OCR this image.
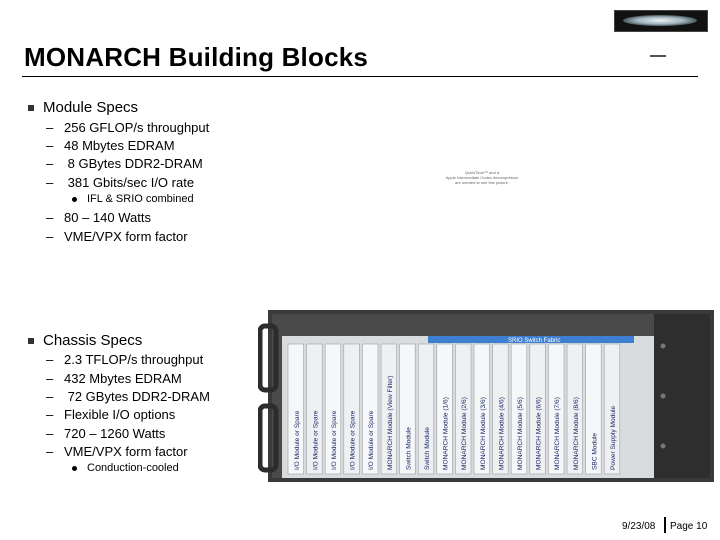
MONARCH Building Blocks
Module Specs
– 256 GFLOP/s throughput
– 48 Mbytes EDRAM
– 8 GBytes DDR2-DRAM
– 381 Gbits/sec I/O rate
IFL & SRIO combined
– 80 – 140 Watts
– VME/VPX form factor
QuickTime™ and a
Apple Intermediate Codec decompressor
are needed to see this picture.
Chassis Specs
– 2.3 TFLOP/s throughput
– 432 Mbytes EDRAM
– 72 GBytes DDR2-DRAM
– Flexible I/O options
– 720 – 1260 Watts
– VME/VPX form factor
Conduction-cooled
SRIO Switch Fabric
I/O Module or Spare I/O Module or Spare I/O Module or Spare I/O Module or Spare I/O Module or Spare MONARCH Module (View Filter) Switch Module Switch Module MONARCH Module (1/6) MONARCH Module (2/6) MONARCH Module (3/6) MONARCH Module (4/6) MONARCH Module (5/6) MONARCH Module (6/6) MONARCH Module (7/6) MONARCH Module (8/6) SBC Module Power Supply Module
9/23/08 Page 10
